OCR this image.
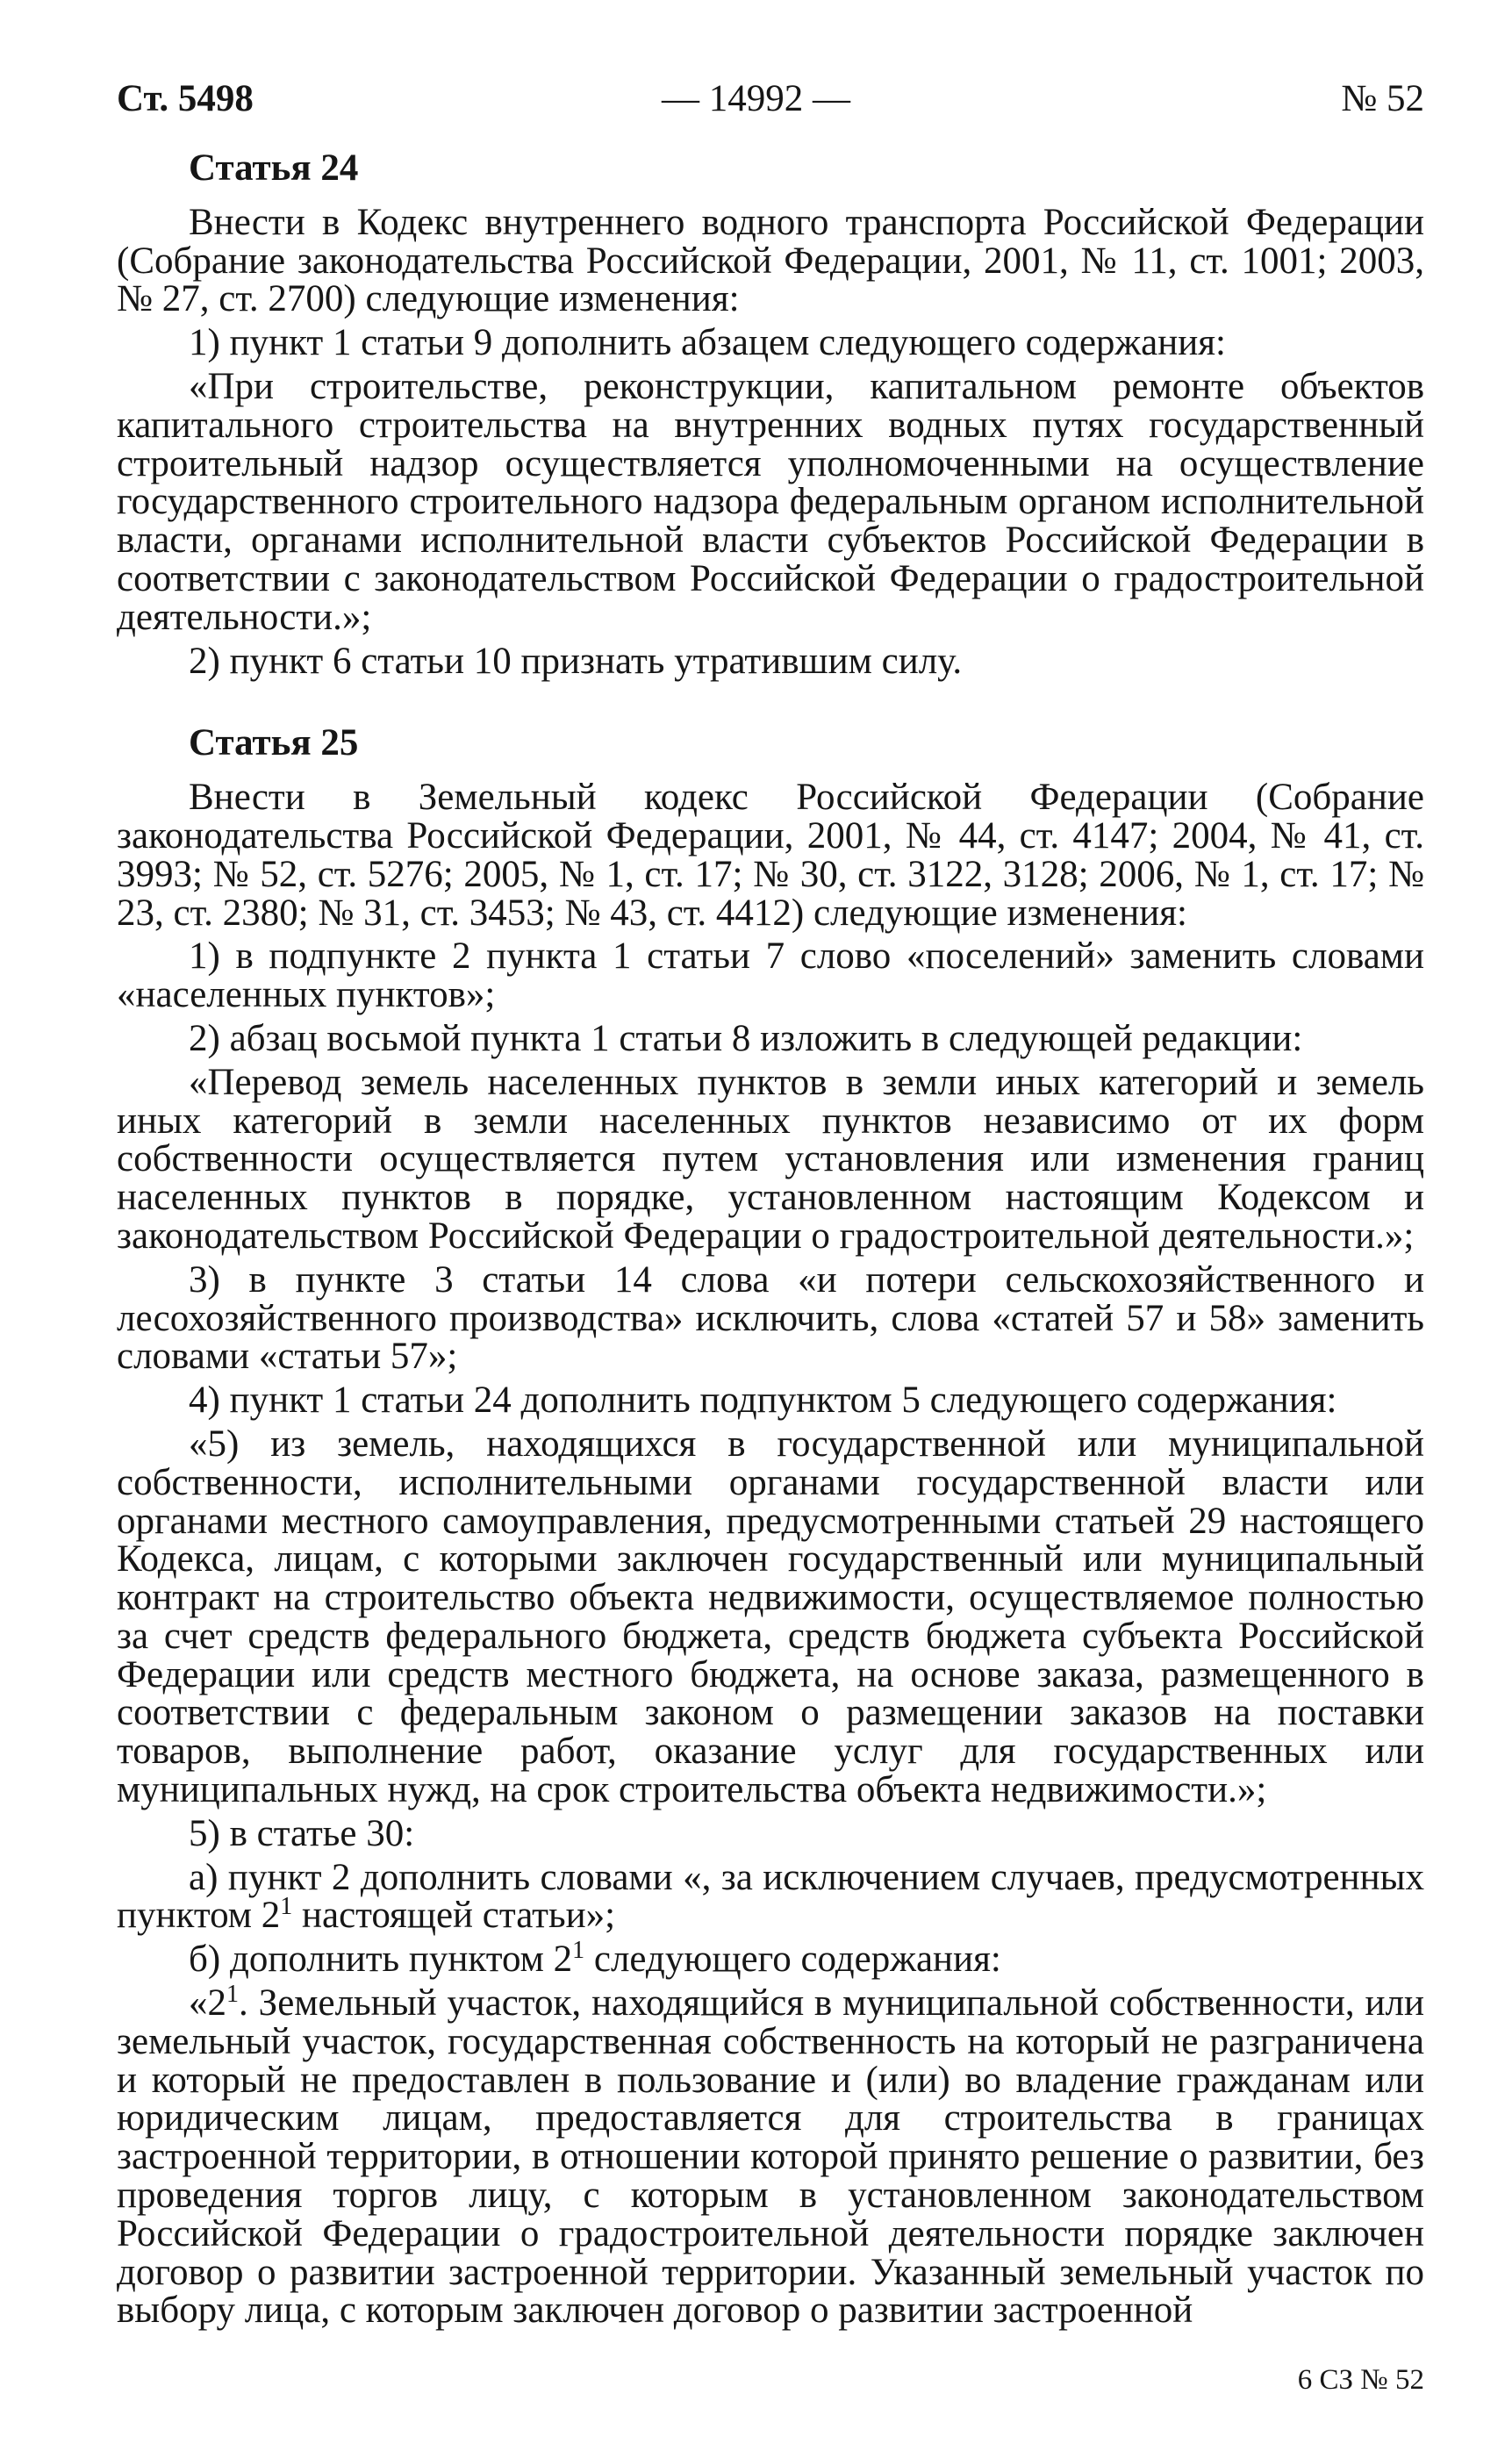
Ст. 5498	— 14992 —	№ 52
Статья 24

Внести в Кодекс внутреннего водного транспорта Российской Федерации (Собрание законодательства Российской Федерации, 2001, № 11, ст. 1001; 2003, № 27, ст. 2700) следующие изменения:

1) пункт 1 статьи 9 дополнить абзацем следующего содержания:

«При строительстве, реконструкции, капитальном ремонте объектов капитального строительства на внутренних водных путях государственный строительный надзор осуществляется уполномоченными на осуществление государственного строительного надзора федеральным органом исполнительной власти, органами исполнительной власти субъектов Российской Федерации в соответствии с законодательством Российской Федерации о градостроительной деятельности.»;

2) пункт 6 статьи 10 признать утратившим силу.

Статья 25

Внести в Земельный кодекс Российской Федерации (Собрание законодательства Российской Федерации, 2001, № 44, ст. 4147; 2004, № 41, ст. 3993; № 52, ст. 5276; 2005, № 1, ст. 17; № 30, ст. 3122, 3128; 2006, № 1, ст. 17; № 23, ст. 2380; № 31, ст. 3453; № 43, ст. 4412) следующие изменения:

1) в подпункте 2 пункта 1 статьи 7 слово «поселений» заменить словами «населенных пунктов»;

2) абзац восьмой пункта 1 статьи 8 изложить в следующей редакции:

«Перевод земель населенных пунктов в земли иных категорий и земель иных категорий в земли населенных пунктов независимо от их форм собственности осуществляется путем установления или изменения границ населенных пунктов в порядке, установленном настоящим Кодексом и законодательством Российской Федерации о градостроительной деятельности.»;

3) в пункте 3 статьи 14 слова «и потери сельскохозяйственного и лесохозяйственного производства» исключить, слова «статей 57 и 58» заменить словами «статьи 57»;

4) пункт 1 статьи 24 дополнить подпунктом 5 следующего содержания:

«5) из земель, находящихся в государственной или муниципальной собственности, исполнительными органами государственной власти или органами местного самоуправления, предусмотренными статьей 29 настоящего Кодекса, лицам, с которыми заключен государственный или муниципальный контракт на строительство объекта недвижимости, осуществляемое полностью за счет средств федерального бюджета, средств бюджета субъекта Российской Федерации или средств местного бюджета, на основе заказа, размещенного в соответствии с федеральным законом о размещении заказов на поставки товаров, выполнение работ, оказание услуг для государственных или муниципальных нужд, на срок строительства объекта недвижимости.»;

5) в статье 30:

а) пункт 2 дополнить словами «, за исключением случаев, предусмотренных пунктом $2^1$ настоящей статьи»;

б) дополнить пунктом $2^1$ следующего содержания:

«$2^1$. Земельный участок, находящийся в муниципальной собственности, или земельный участок, государственная собственность на который не разграничена и который не предоставлен в пользование и (или) во владение гражданам или юридическим лицам, предоставляется для строительства в границах застроенной территории, в отношении которой принято решение о развитии, без проведения торгов лицу, с которым в установленном законодательством Российской Федерации о градостроительной деятельности порядке заключен договор о развитии застроенной территории. Указанный земельный участок по выбору лица, с которым заключен договор о развитии застроенной

6 СЗ № 52
